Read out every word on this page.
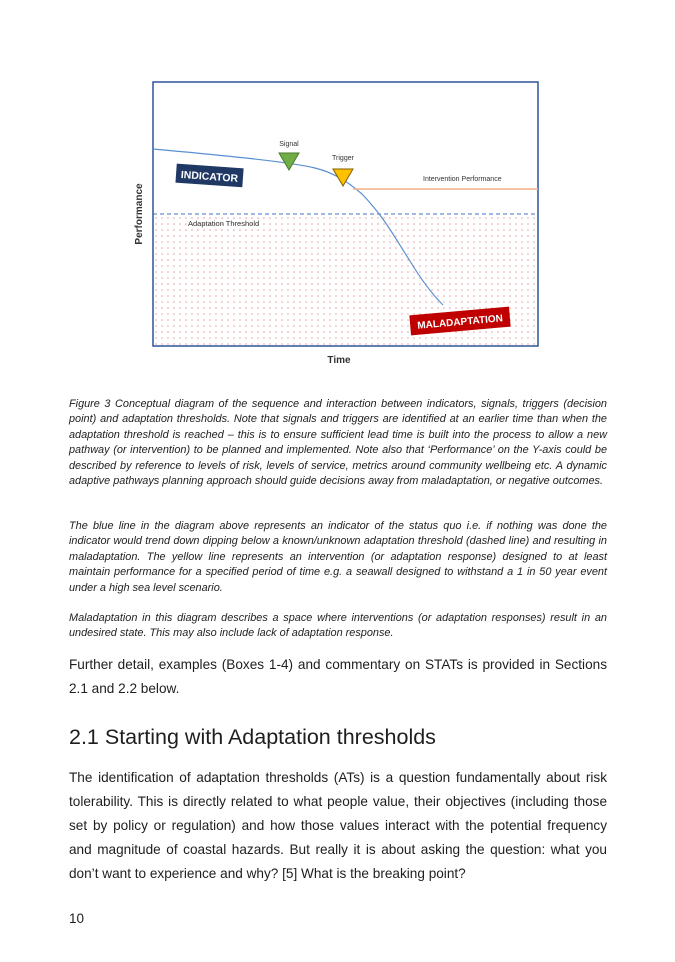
Adaptation Threshold
Intervention Performance
Signal
Trigger
INDICATOR
MALADAPTATION
Performance
Time

Figure 3 Conceptual diagram of the sequence and interaction between indicators, signals, triggers (decision point) and adaptation thresholds. Note that signals and triggers are identified at an earlier time than when the adaptation threshold is reached – this is to ensure sufficient lead time is built into the process to allow a new pathway (or intervention) to be planned and implemented. Note also that ‘Performance’ on the Y-axis could be described by reference to levels of risk, levels of service, metrics around community wellbeing etc. A dynamic adaptive pathways planning approach should guide decisions away from maladaptation, or negative outcomes.

The blue line in the diagram above represents an indicator of the status quo i.e. if nothing was done the indicator would trend down dipping below a known/unknown adaptation threshold (dashed line) and resulting in maladaptation. The yellow line represents an intervention (or adaptation response) designed to at least maintain performance for a specified period of time e.g. a seawall designed to withstand a 1 in 50 year event under a high sea level scenario.

Maladaptation in this diagram describes a space where interventions (or adaptation responses) result in an undesired state. This may also include lack of adaptation response.

Further detail, examples (Boxes 1-4) and commentary on STATs is provided in Sections 2.1 and 2.2 below.

2.1 Starting with Adaptation thresholds

The identification of adaptation thresholds (ATs) is a question fundamentally about risk tolerability. This is directly related to what people value, their objectives (including those set by policy or regulation) and how those values interact with the potential frequency and magnitude of coastal hazards. But really it is about asking the question: what you don’t want to experience and why? [5] What is the breaking point?

10
